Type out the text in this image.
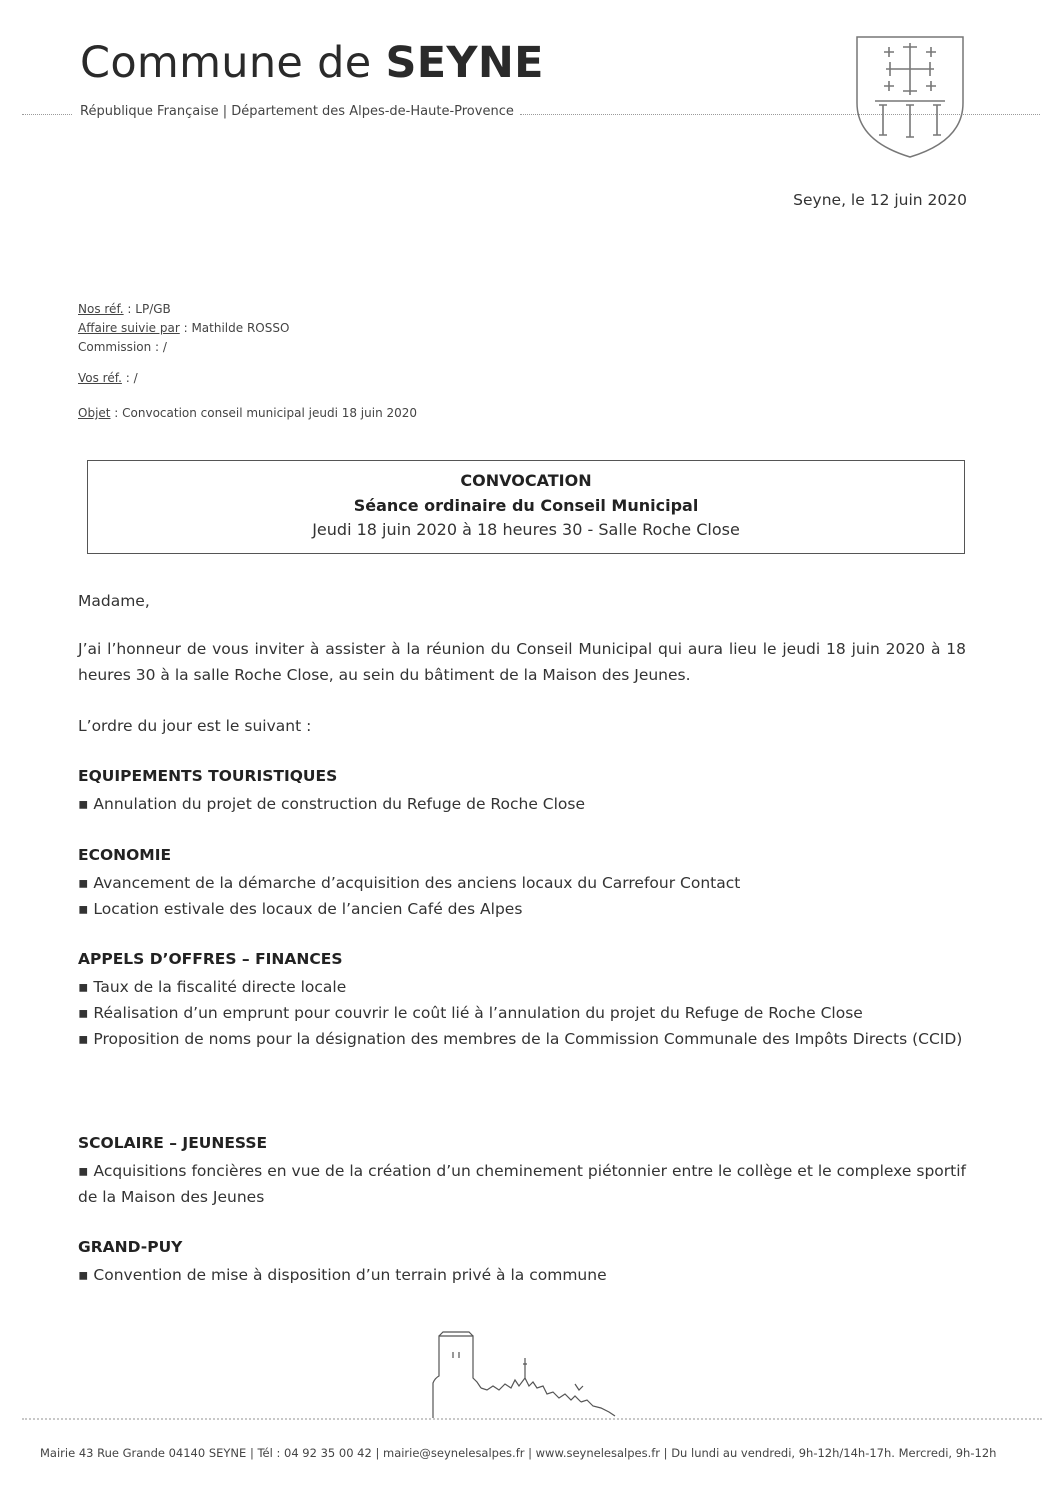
Commune de SEYNE
République Française | Département des Alpes-de-Haute-Provence
Seyne, le 12 juin 2020
Nos réf. : LP/GB
Affaire suivie par : Mathilde ROSSO
Commission : /
Vos réf. : /
Objet : Convocation conseil municipal jeudi 18 juin 2020
CONVOCATION
Séance ordinaire du Conseil Municipal
Jeudi 18 juin 2020 à 18 heures 30 - Salle Roche Close
Madame,
J’ai l’honneur de vous inviter à assister à la réunion du Conseil Municipal qui aura lieu le jeudi 18 juin 2020 à 18 heures 30 à la salle Roche Close, au sein du bâtiment de la Maison des Jeunes.
L’ordre du jour est le suivant :
EQUIPEMENTS TOURISTIQUES
▪ Annulation du projet de construction du Refuge de Roche Close
ECONOMIE
▪ Avancement de la démarche d’acquisition des anciens locaux du Carrefour Contact
▪ Location estivale des locaux de l’ancien Café des Alpes
APPELS D’OFFRES – FINANCES
▪ Taux de la fiscalité directe locale
▪ Réalisation d’un emprunt pour couvrir le coût lié à l’annulation du projet du Refuge de Roche Close
▪ Proposition de noms pour la désignation des membres de la Commission Communale des Impôts Directs (CCID)
SCOLAIRE – JEUNESSE
▪ Acquisitions foncières en vue de la création d’un cheminement piétonnier entre le collège et le complexe sportif de la Maison des Jeunes
GRAND-PUY
▪ Convention de mise à disposition d’un terrain privé à la commune
Mairie 43 Rue Grande 04140 SEYNE | Tél : 04 92 35 00 42 | mairie@seynelesalpes.fr | www.seynelesalpes.fr | Du lundi au vendredi, 9h-12h/14h-17h. Mercredi, 9h-12h
